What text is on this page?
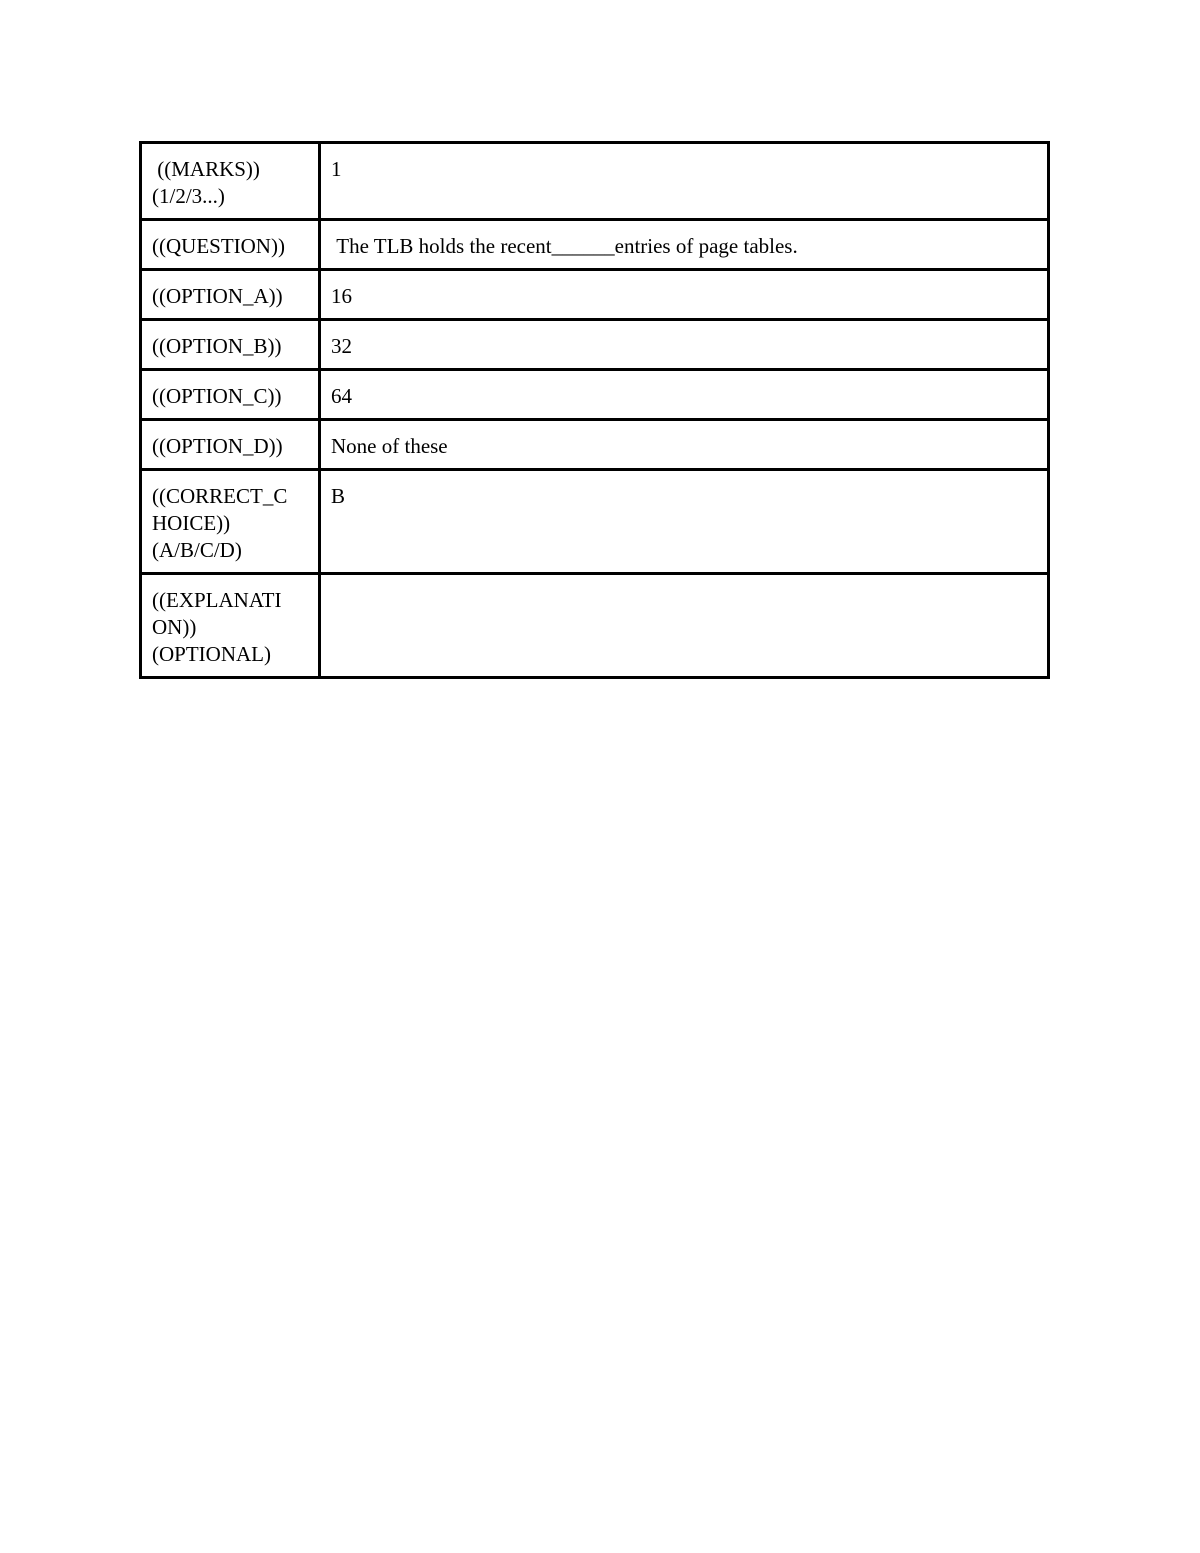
((MARKS))
(1/2/3...)	1

((QUESTION))	The TLB holds the recent______entries of page tables.

((OPTION_A))	16

((OPTION_B))	32

((OPTION_C))	64

((OPTION_D))	None of these

((CORRECT_C
HOICE))
(A/B/C/D)	B

((EXPLANATI
ON))
(OPTIONAL)	
